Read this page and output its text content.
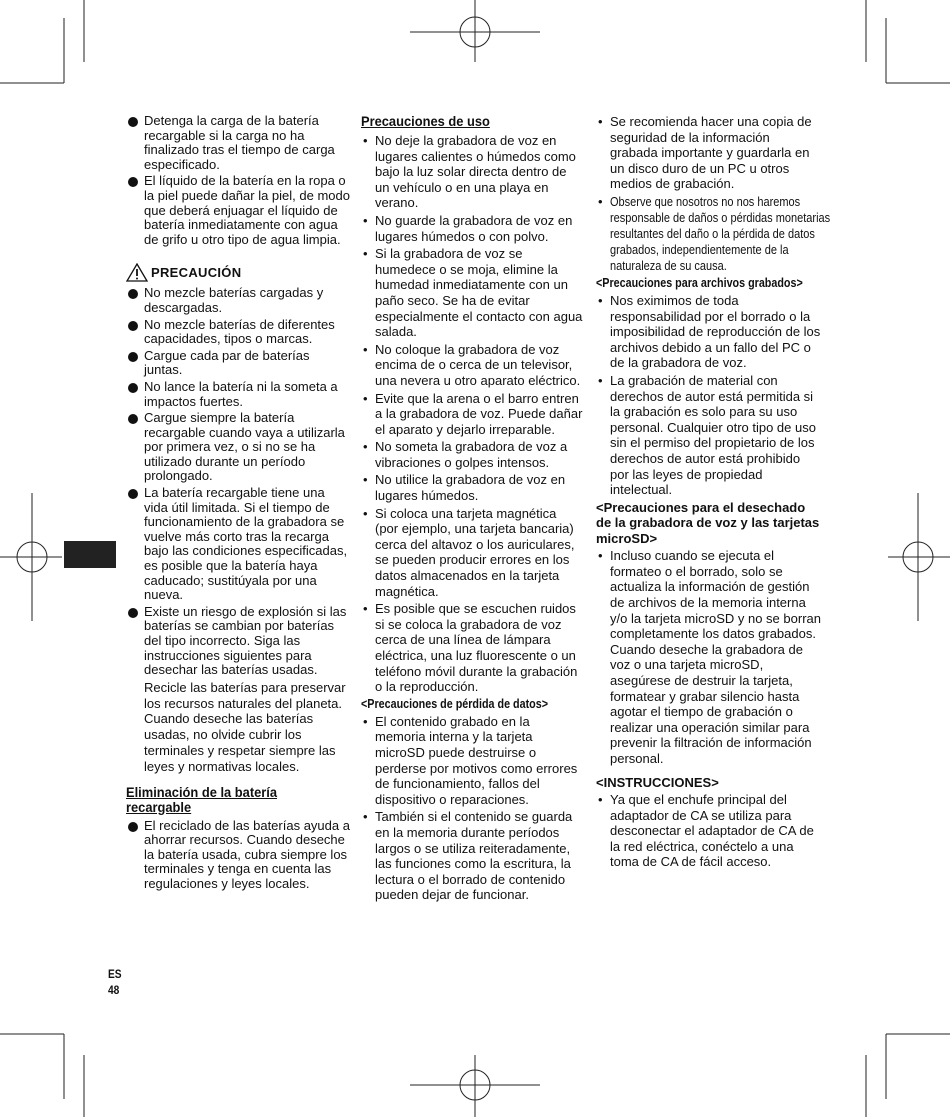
Detenga la carga de la batería recargable si la carga no ha finalizado tras el tiempo de carga especificado.
El líquido de la batería en la ropa o la piel puede dañar la piel, de modo que deberá enjuagar el líquido de batería inmediatamente con agua de grifo u otro tipo de agua limpia.
PRECAUCIÓN
No mezcle baterías cargadas y descargadas.
No mezcle baterías de diferentes capacidades, tipos o marcas.
Cargue cada par de baterías juntas.
No lance la batería ni la someta a impactos fuertes.
Cargue siempre la batería recargable cuando vaya a utilizarla por primera vez, o si no se ha utilizado durante un período prolongado.
La batería recargable tiene una vida útil limitada. Si el tiempo de funcionamiento de la grabadora se vuelve más corto tras la recarga bajo las condiciones especificadas, es posible que la batería haya caducado; sustitúyala por una nueva.
Existe un riesgo de explosión si las baterías se cambian por baterías del tipo incorrecto. Siga las instrucciones siguientes para desechar las baterías usadas.
Recicle las baterías para preservar los recursos naturales del planeta. Cuando deseche las baterías usadas, no olvide cubrir los terminales y respetar siempre las leyes y normativas locales.
Eliminación de la batería recargable
El reciclado de las baterías ayuda a ahorrar recursos. Cuando deseche la batería usada, cubra siempre los terminales y tenga en cuenta las regulaciones y leyes locales.
Precauciones de uso
• No deje la grabadora de voz en lugares calientes o húmedos como bajo la luz solar directa dentro de un vehículo o en una playa en verano.
• No guarde la grabadora de voz en lugares húmedos o con polvo.
• Si la grabadora de voz se humedece o se moja, elimine la humedad inmediatamente con un paño seco. Se ha de evitar especialmente el contacto con agua salada.
• No coloque la grabadora de voz encima de o cerca de un televisor, una nevera u otro aparato eléctrico.
• Evite que la arena o el barro entren a la grabadora de voz. Puede dañar el aparato y dejarlo irreparable.
• No someta la grabadora de voz a vibraciones o golpes intensos.
• No utilice la grabadora de voz en lugares húmedos.
• Si coloca una tarjeta magnética (por ejemplo, una tarjeta bancaria) cerca del altavoz o los auriculares, se pueden producir errores en los datos almacenados en la tarjeta magnética.
• Es posible que se escuchen ruidos si se coloca la grabadora de voz cerca de una línea de lámpara eléctrica, una luz fluorescente o un teléfono móvil durante la grabación o la reproducción.
<Precauciones de pérdida de datos>
• El contenido grabado en la memoria interna y la tarjeta microSD puede destruirse o perderse por motivos como errores de funcionamiento, fallos del dispositivo o reparaciones.
• También si el contenido se guarda en la memoria durante períodos largos o se utiliza reiteradamente, las funciones como la escritura, la lectura o el borrado de contenido pueden dejar de funcionar.
• Se recomienda hacer una copia de seguridad de la información grabada importante y guardarla en un disco duro de un PC u otros medios de grabación.
• Observe que nosotros no nos haremos responsable de daños o pérdidas monetarias resultantes del daño o la pérdida de datos grabados, independientemente de la naturaleza de su causa.
<Precauciones para archivos grabados>
• Nos eximimos de toda responsabilidad por el borrado o la imposibilidad de reproducción de los archivos debido a un fallo del PC o de la grabadora de voz.
• La grabación de material con derechos de autor está permitida si la grabación es solo para su uso personal. Cualquier otro tipo de uso sin el permiso del propietario de los derechos de autor está prohibido por las leyes de propiedad intelectual.
<Precauciones para el desechado de la grabadora de voz y las tarjetas microSD>
• Incluso cuando se ejecuta el formateo o el borrado, solo se actualiza la información de gestión de archivos de la memoria interna y/o la tarjeta microSD y no se borran completamente los datos grabados.
Cuando deseche la grabadora de voz o una tarjeta microSD, asegúrese de destruir la tarjeta, formatear y grabar silencio hasta agotar el tiempo de grabación o realizar una operación similar para prevenir la filtración de información personal.
<INSTRUCCIONES>
• Ya que el enchufe principal del adaptador de CA se utiliza para desconectar el adaptador de CA de la red eléctrica, conéctelo a una toma de CA de fácil acceso.
ES
48
